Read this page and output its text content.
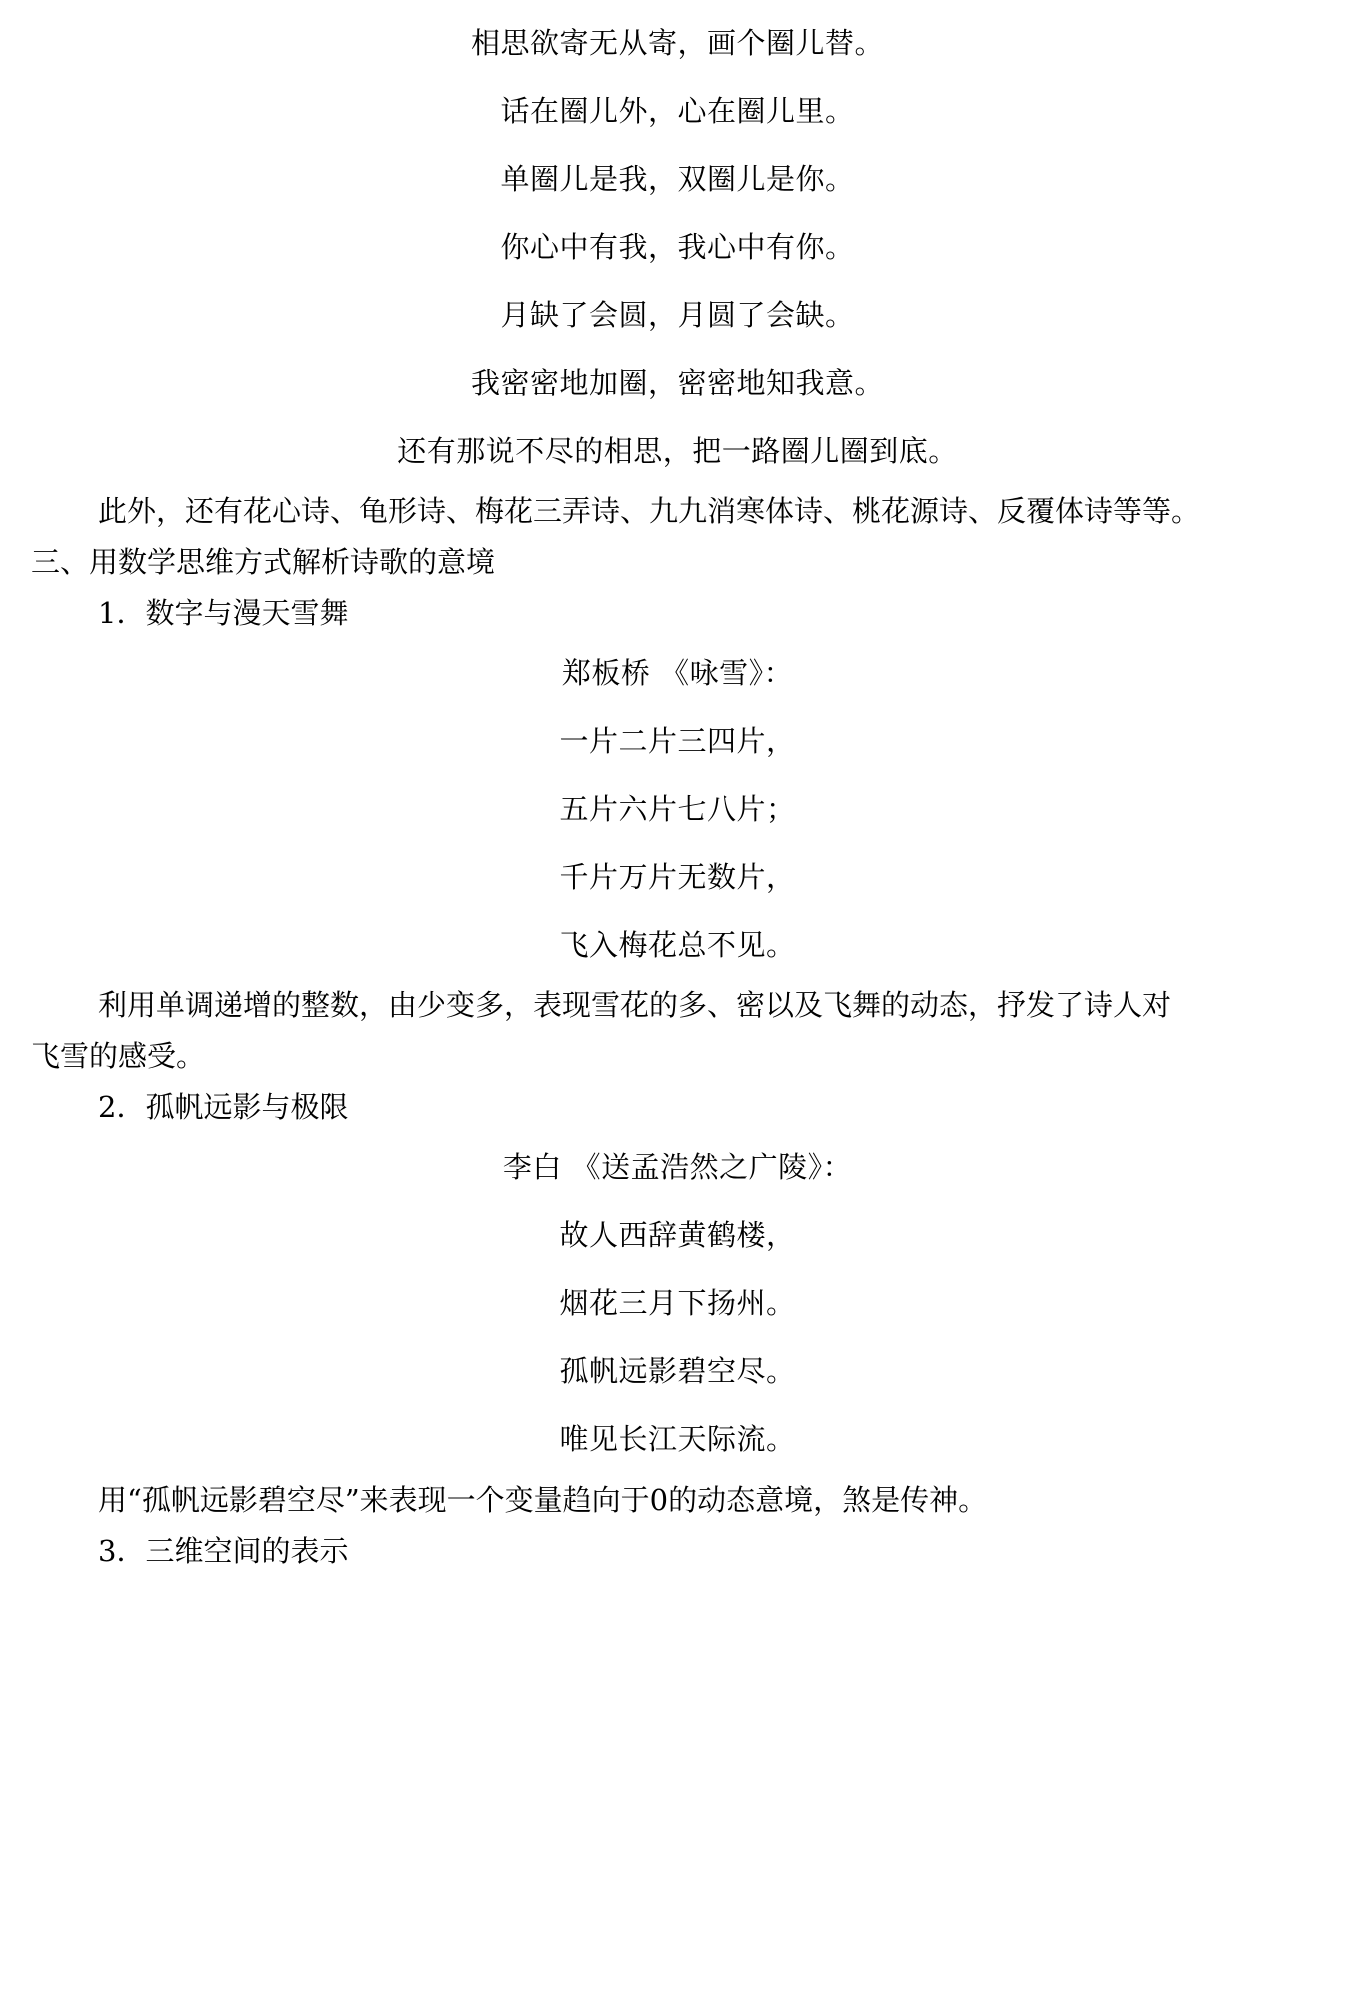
相思欲寄无从寄，画个圈儿替。
话在圈儿外，心在圈儿里。
单圈儿是我，双圈儿是你。
你心中有我，我心中有你。
月缺了会圆，月圆了会缺。
我密密地加圈，密密地知我意。
还有那说不尽的相思，把一路圈儿圈到底。
此外，还有花心诗、龟形诗、梅花三弄诗、九九消寒体诗、桃花源诗、反覆体诗等等。
三、用数学思维方式解析诗歌的意境
1．数字与漫天雪舞
郑板桥 《咏雪》：
一片二片三四片，
五片六片七八片；
千片万片无数片，
飞入梅花总不见。
利用单调递增的整数，由少变多，表现雪花的多、密以及飞舞的动态，抒发了诗人对
飞雪的感受。
2．孤帆远影与极限
李白 《送孟浩然之广陵》：
故人西辞黄鹤楼，
烟花三月下扬州。
孤帆远影碧空尽。
唯见长江天际流。
用“孤帆远影碧空尽”来表现一个变量趋向于0的动态意境，煞是传神。
3．三维空间的表示
